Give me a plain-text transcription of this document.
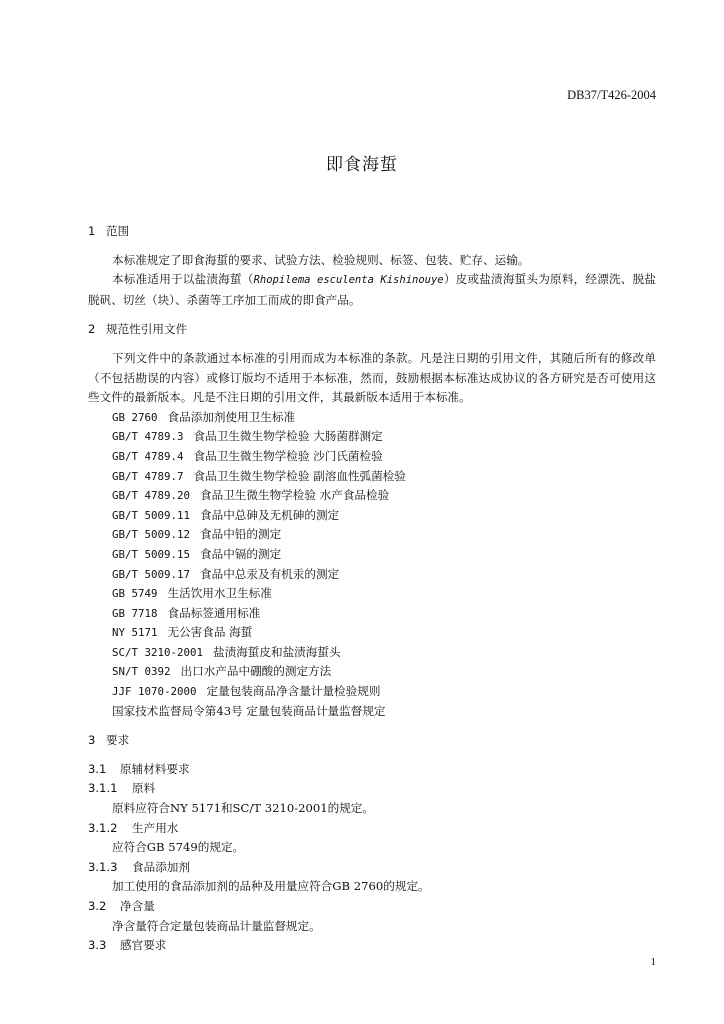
DB37/T426-2004
即食海蜇
1 范围

本标准规定了即食海蜇的要求、试验方法、检验规则、标签、包装、贮存、运输。

本标准适用于以盐渍海蜇（Rhopilema esculenta Kishinouye）皮或盐渍海蜇头为原料，经漂洗、脱盐脱矾、切丝（块）、杀菌等工序加工而成的即食产品。

2 规范性引用文件

下列文件中的条款通过本标准的引用而成为本标准的条款。凡是注日期的引用文件，其随后所有的修改单（不包括勘误的内容）或修订版均不适用于本标准，然而，鼓励根据本标准达成协议的各方研究是否可使用这些文件的最新版本。凡是不注日期的引用文件，其最新版本适用于本标准。

GB 2760 食品添加剂使用卫生标准
GB/T 4789.3 食品卫生微生物学检验 大肠菌群测定
GB/T 4789.4 食品卫生微生物学检验 沙门氏菌检验
GB/T 4789.7 食品卫生微生物学检验 副溶血性弧菌检验
GB/T 4789.20 食品卫生微生物学检验 水产食品检验
GB/T 5009.11 食品中总砷及无机砷的测定
GB/T 5009.12 食品中铅的测定
GB/T 5009.15 食品中镉的测定
GB/T 5009.17 食品中总汞及有机汞的测定
GB 5749 生活饮用水卫生标准
GB 7718 食品标签通用标准
NY 5171 无公害食品 海蜇
SC/T 3210-2001 盐渍海蜇皮和盐渍海蜇头
SN/T 0392 出口水产品中硼酸的测定方法
JJF 1070-2000 定量包装商品净含量计量检验规则
国家技术监督局令第43号 定量包装商品计量监督规定
3 要求
3.1 原辅材料要求
3.1.1 原料

原料应符合NY 5171和SC/T 3210-2001的规定。

3.1.2 生产用水

应符合GB 5749的规定。

3.1.3 食品添加剂

加工使用的食品添加剂的品种及用量应符合GB 2760的规定。

3.2 净含量

净含量符合定量包装商品计量监督规定。

3.3 感官要求
1
